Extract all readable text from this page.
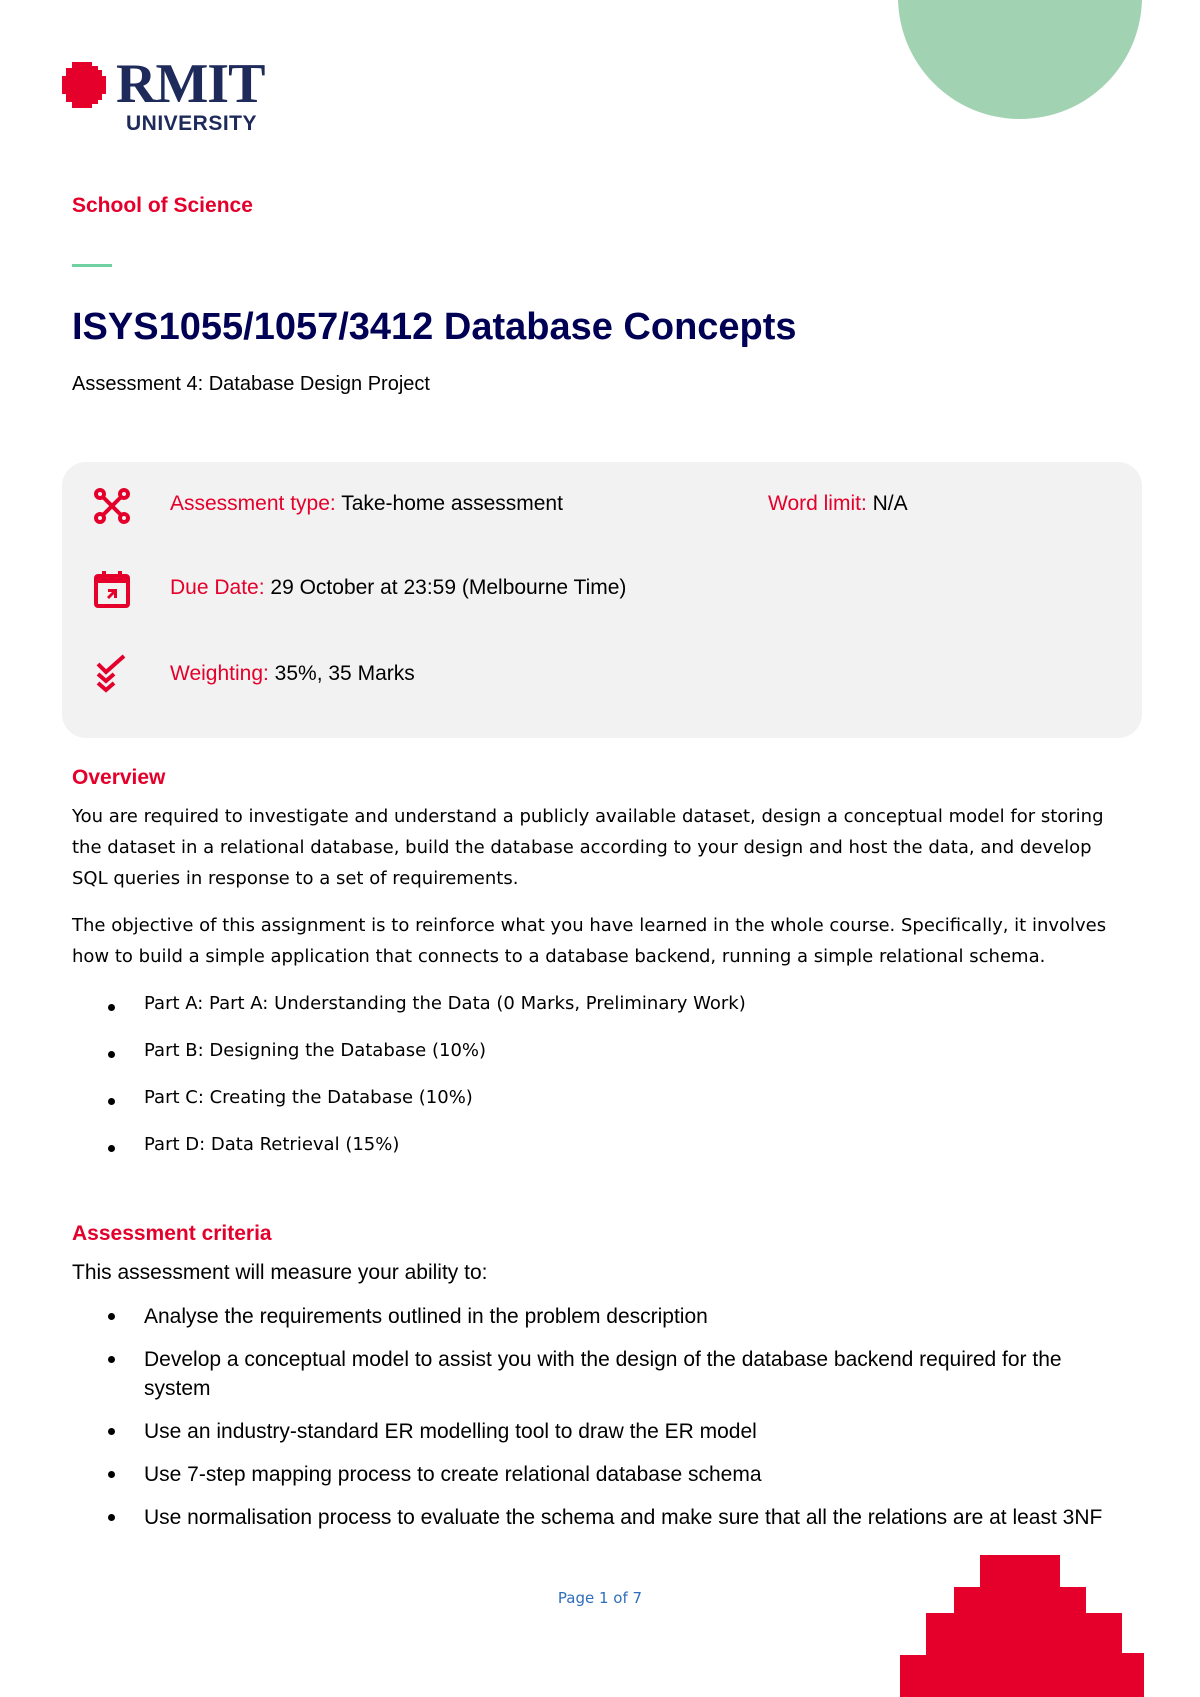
RMIT
UNIVERSITY
School of Science
ISYS1055/1057/3412 Database Concepts
Assessment 4: Database Design Project
Assessment type: Take-home assessment	Word limit: N/A
Due Date: 29 October at 23:59 (Melbourne Time)
Weighting: 35%, 35 Marks
Overview

You are required to investigate and understand a publicly available dataset, design a conceptual model for storing the dataset in a relational database, build the database according to your design and host the data, and develop SQL queries in response to a set of requirements.

The objective of this assignment is to reinforce what you have learned in the whole course. Specifically, it involves how to build a simple application that connects to a database backend, running a simple relational schema.

Part A: Part A: Understanding the Data (0 Marks, Preliminary Work)
Part B: Designing the Database (10%)
Part C: Creating the Database (10%)
Part D: Data Retrieval (15%)
Assessment criteria
This assessment will measure your ability to:
Analyse the requirements outlined in the problem description
Develop a conceptual model to assist you with the design of the database backend required for the system
Use an industry-standard ER modelling tool to draw the ER model
Use 7-step mapping process to create relational database schema
Use normalisation process to evaluate the schema and make sure that all the relations are at least 3NF
Page 1 of 7
